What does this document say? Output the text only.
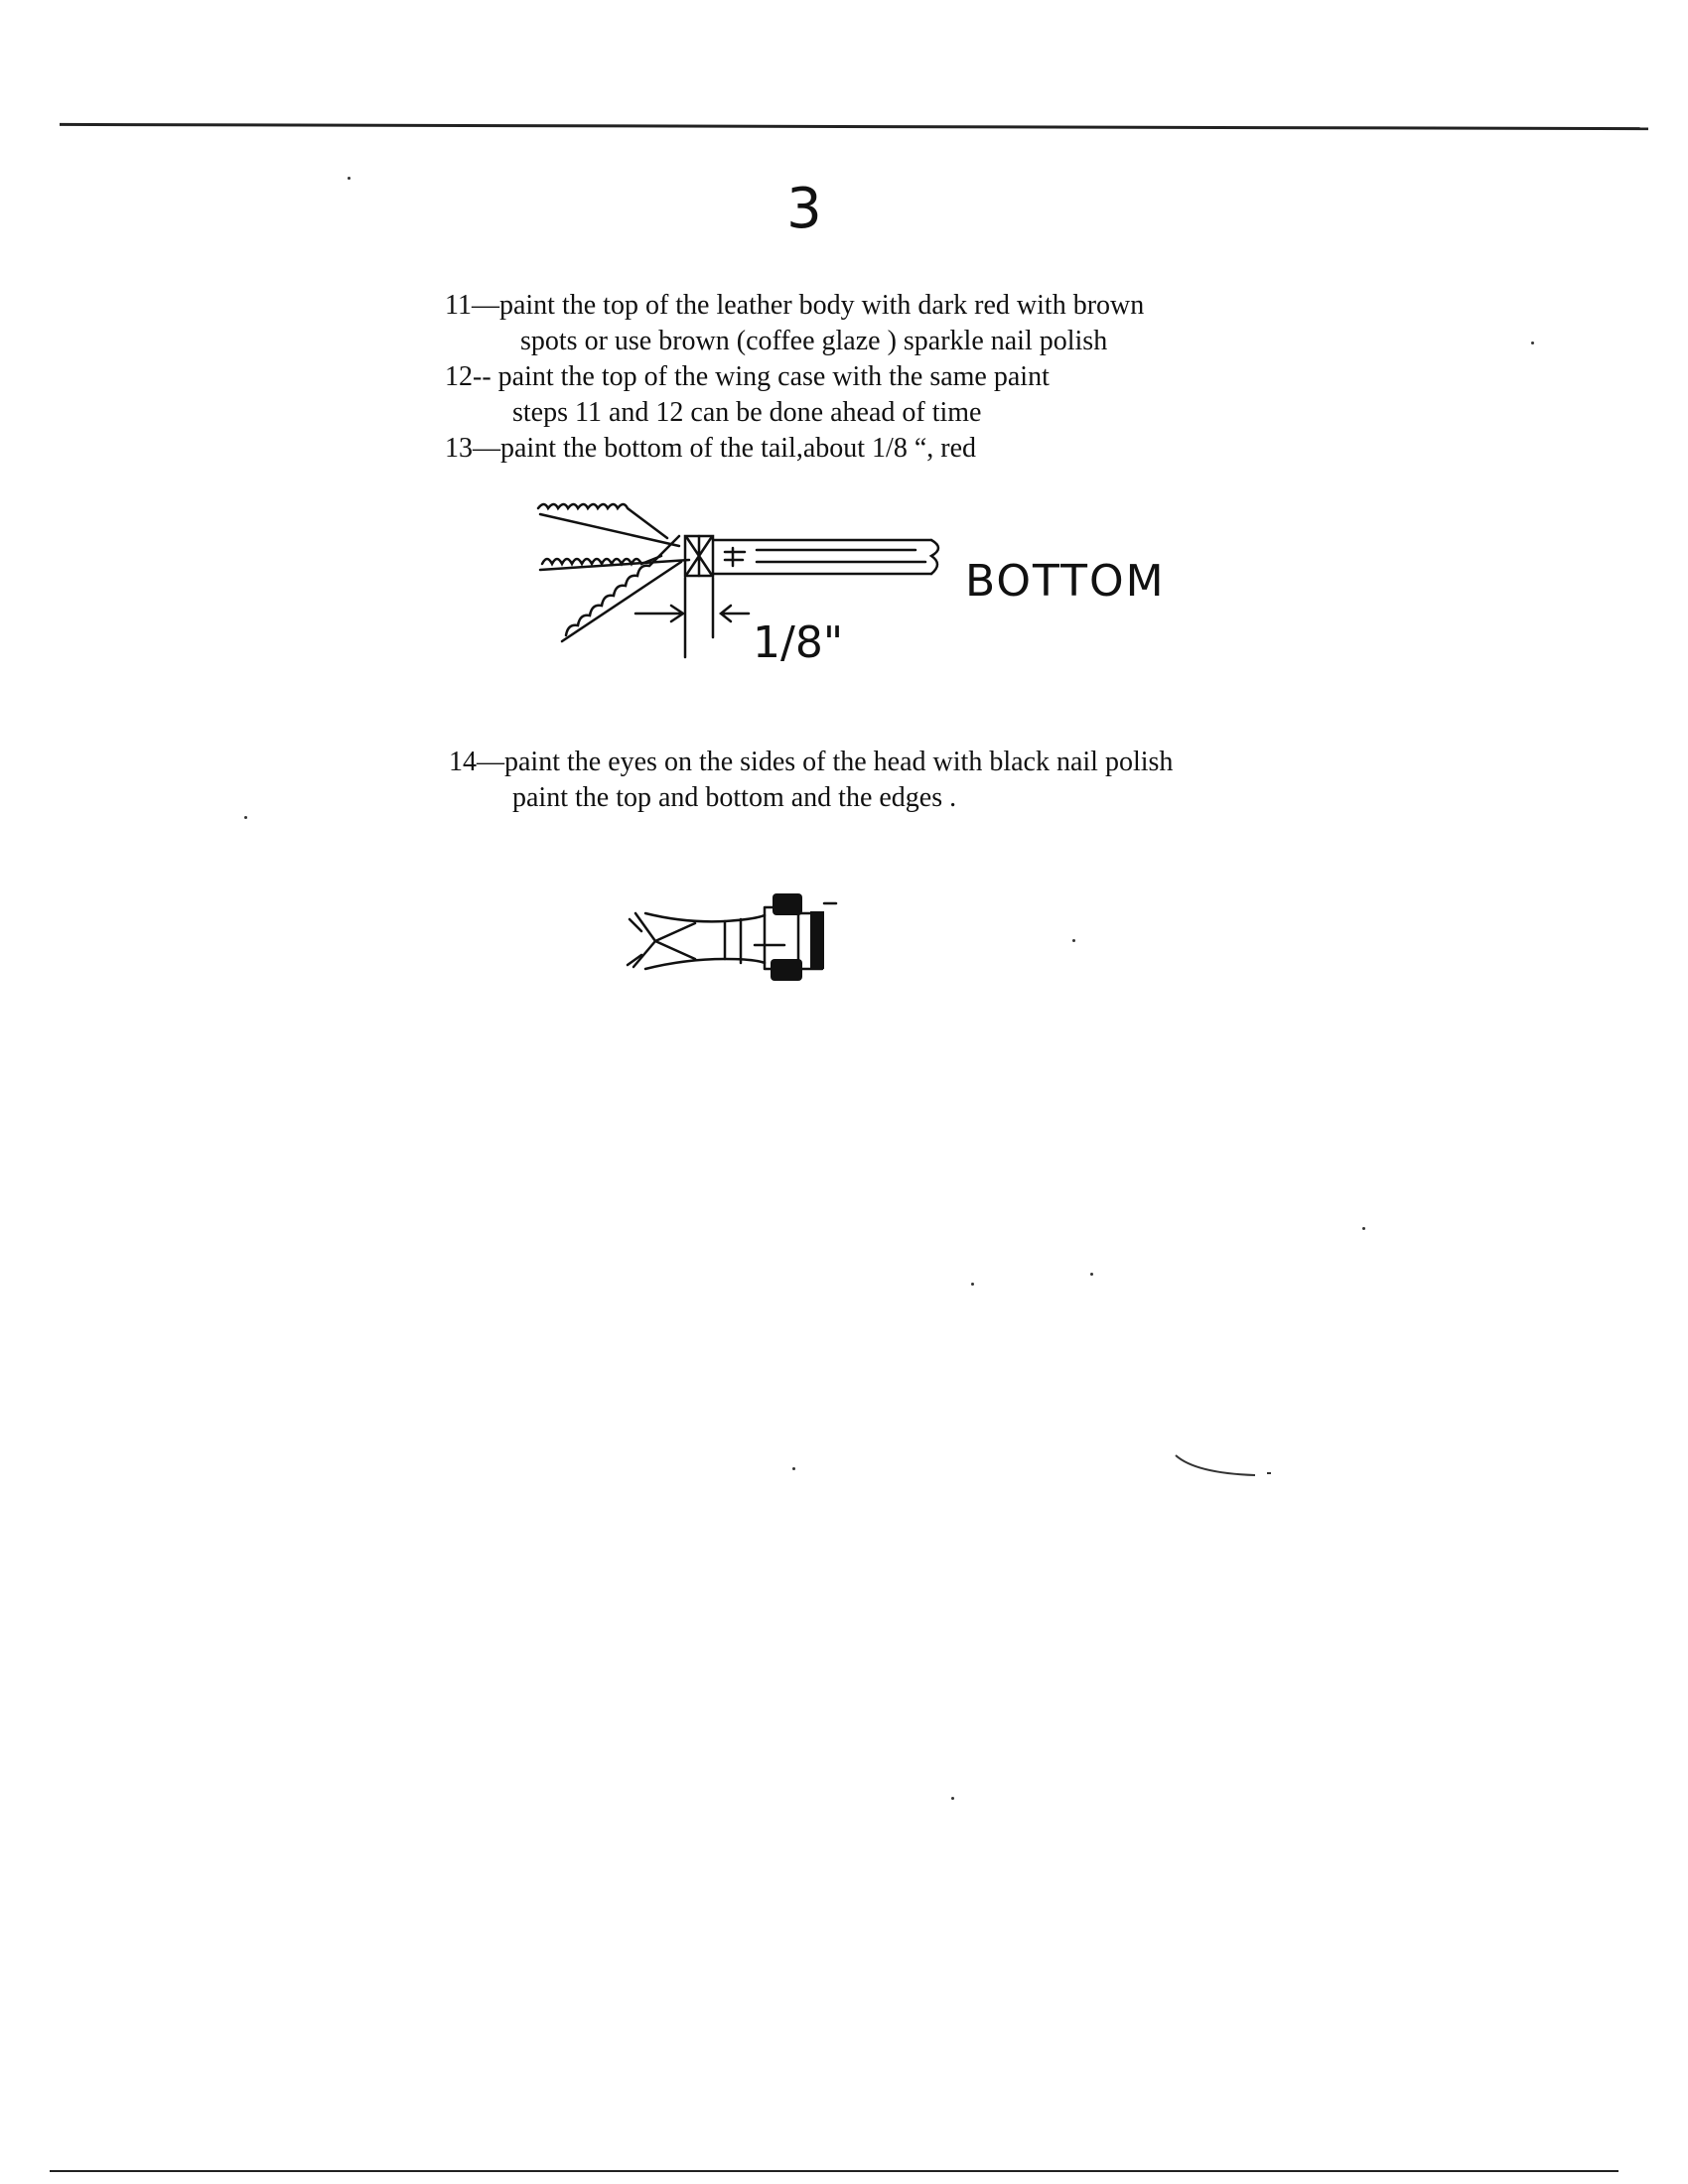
3
11—paint the top of the leather body with dark red with brown
spots or use brown (coffee glaze ) sparkle nail polish
12-- paint the top of the wing case with the same paint
steps 11 and 12 can be done ahead of time
13—paint the bottom of the tail,about 1/8 “, red
1/8"
BOTTOM
14—paint the eyes on the sides of the head with black nail polish
paint the top and bottom and the edges .
